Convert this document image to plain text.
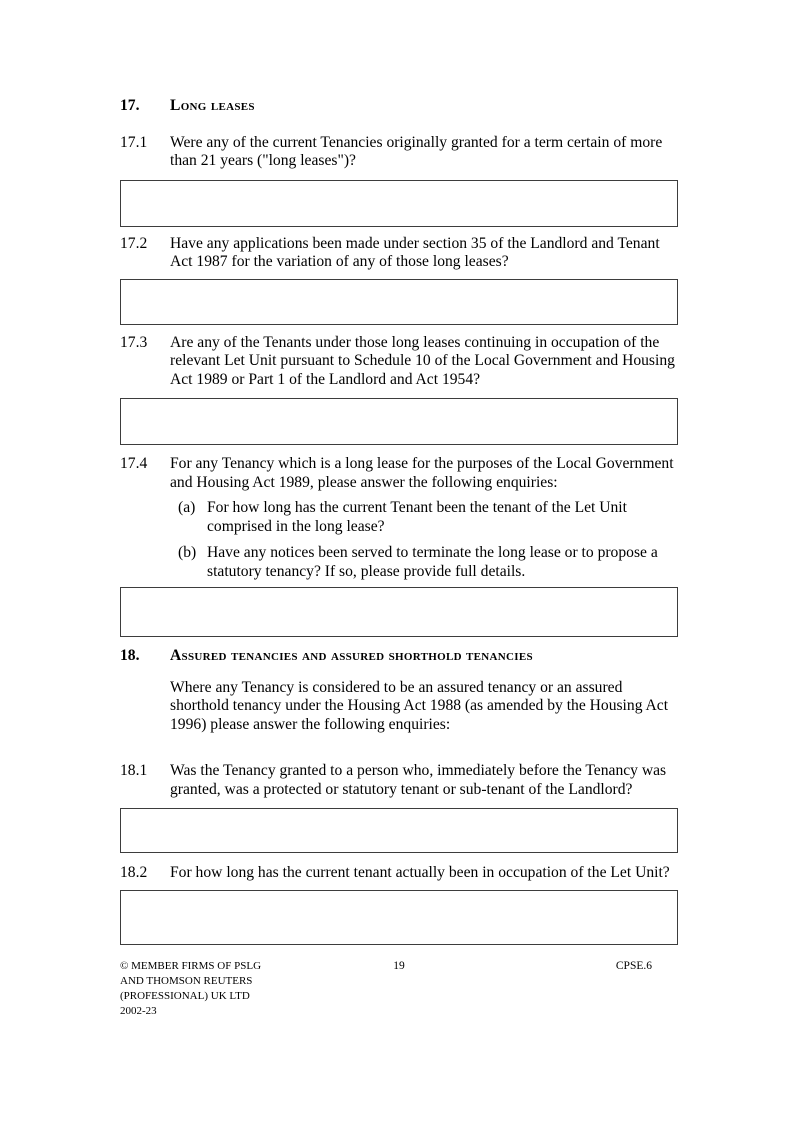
17.	Long leases
17.1	Were any of the current Tenancies originally granted for a term certain of more than 21 years ("long leases")?
17.2	Have any applications been made under section 35 of the Landlord and Tenant Act 1987 for the variation of any of those long leases?
17.3	Are any of the Tenants under those long leases continuing in occupation of the relevant Let Unit pursuant to Schedule 10 of the Local Government and Housing Act 1989 or Part 1 of the Landlord and Act 1954?
17.4	For any Tenancy which is a long lease for the purposes of the Local Government and Housing Act 1989, please answer the following enquiries:
(a) For how long has the current Tenant been the tenant of the Let Unit comprised in the long lease?
(b) Have any notices been served to terminate the long lease or to propose a statutory tenancy? If so, please provide full details.
18.	Assured tenancies and assured shorthold tenancies
Where any Tenancy is considered to be an assured tenancy or an assured shorthold tenancy under the Housing Act 1988 (as amended by the Housing Act 1996) please answer the following enquiries:
18.1	Was the Tenancy granted to a person who, immediately before the Tenancy was granted, was a protected or statutory tenant or sub-tenant of the Landlord?
18.2	For how long has the current tenant actually been in occupation of the Let Unit?
© MEMBER FIRMS OF PSLG
AND THOMSON REUTERS
(PROFESSIONAL) UK LTD
2002-23
19	CPSE.6
